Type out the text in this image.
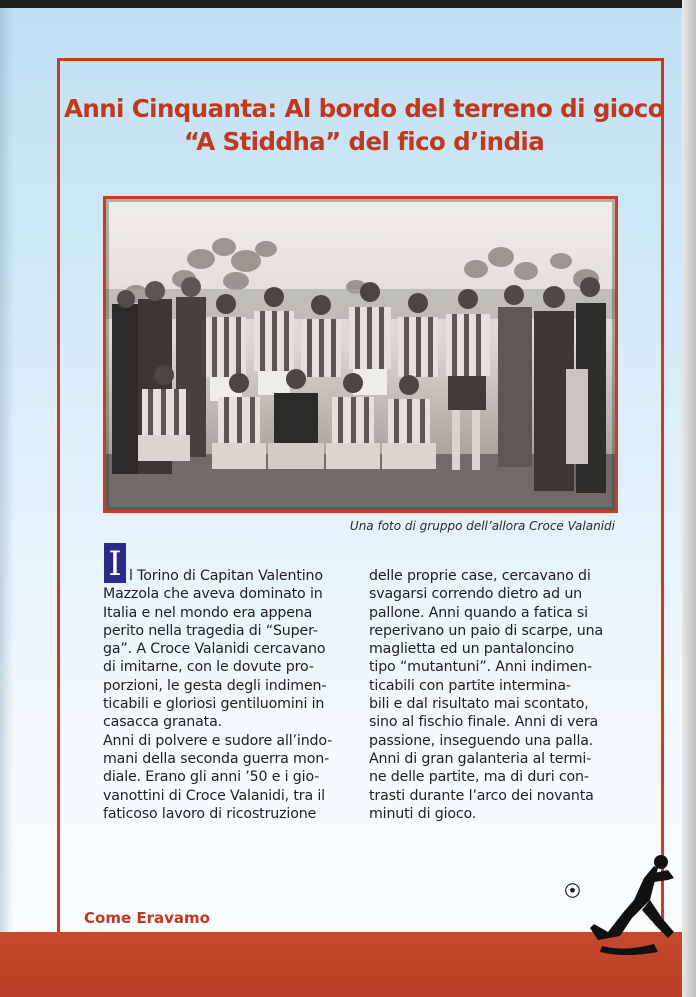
Anni Cinquanta: Al bordo del terreno di gioco
“A Stiddha” del fico d’india

Una foto di gruppo dell’allora Croce Valanidi

I l Torino di Capitan Valentino
Mazzola che aveva dominato in
Italia e nel mondo era appena
perito nella tragedia di “Super-
ga”. A Croce Valanidi cercavano
di imitarne, con le dovute pro-
porzioni, le gesta degli indimen-
ticabili e gloriosi gentiluomini in
casacca granata.
Anni di polvere e sudore all’indo-
mani della seconda guerra mon-
diale. Erano gli anni ’50 e i gio-
vanottini di Croce Valanidi, tra il
faticoso lavoro di ricostruzione

delle proprie case, cercavano di
svagarsi correndo dietro ad un
pallone. Anni quando a fatica si
reperivano un paio di scarpe, una
maglietta ed un pantaloncino
tipo “mutantuni”. Anni indimen-
ticabili con partite intermina-
bili e dal risultato mai scontato,
sino al fischio finale. Anni di vera
passione, inseguendo una palla.
Anni di gran galanteria al termi-
ne delle partite, ma di duri con-
trasti durante l’arco dei novanta
minuti di gioco.

Come Eravamo

5
